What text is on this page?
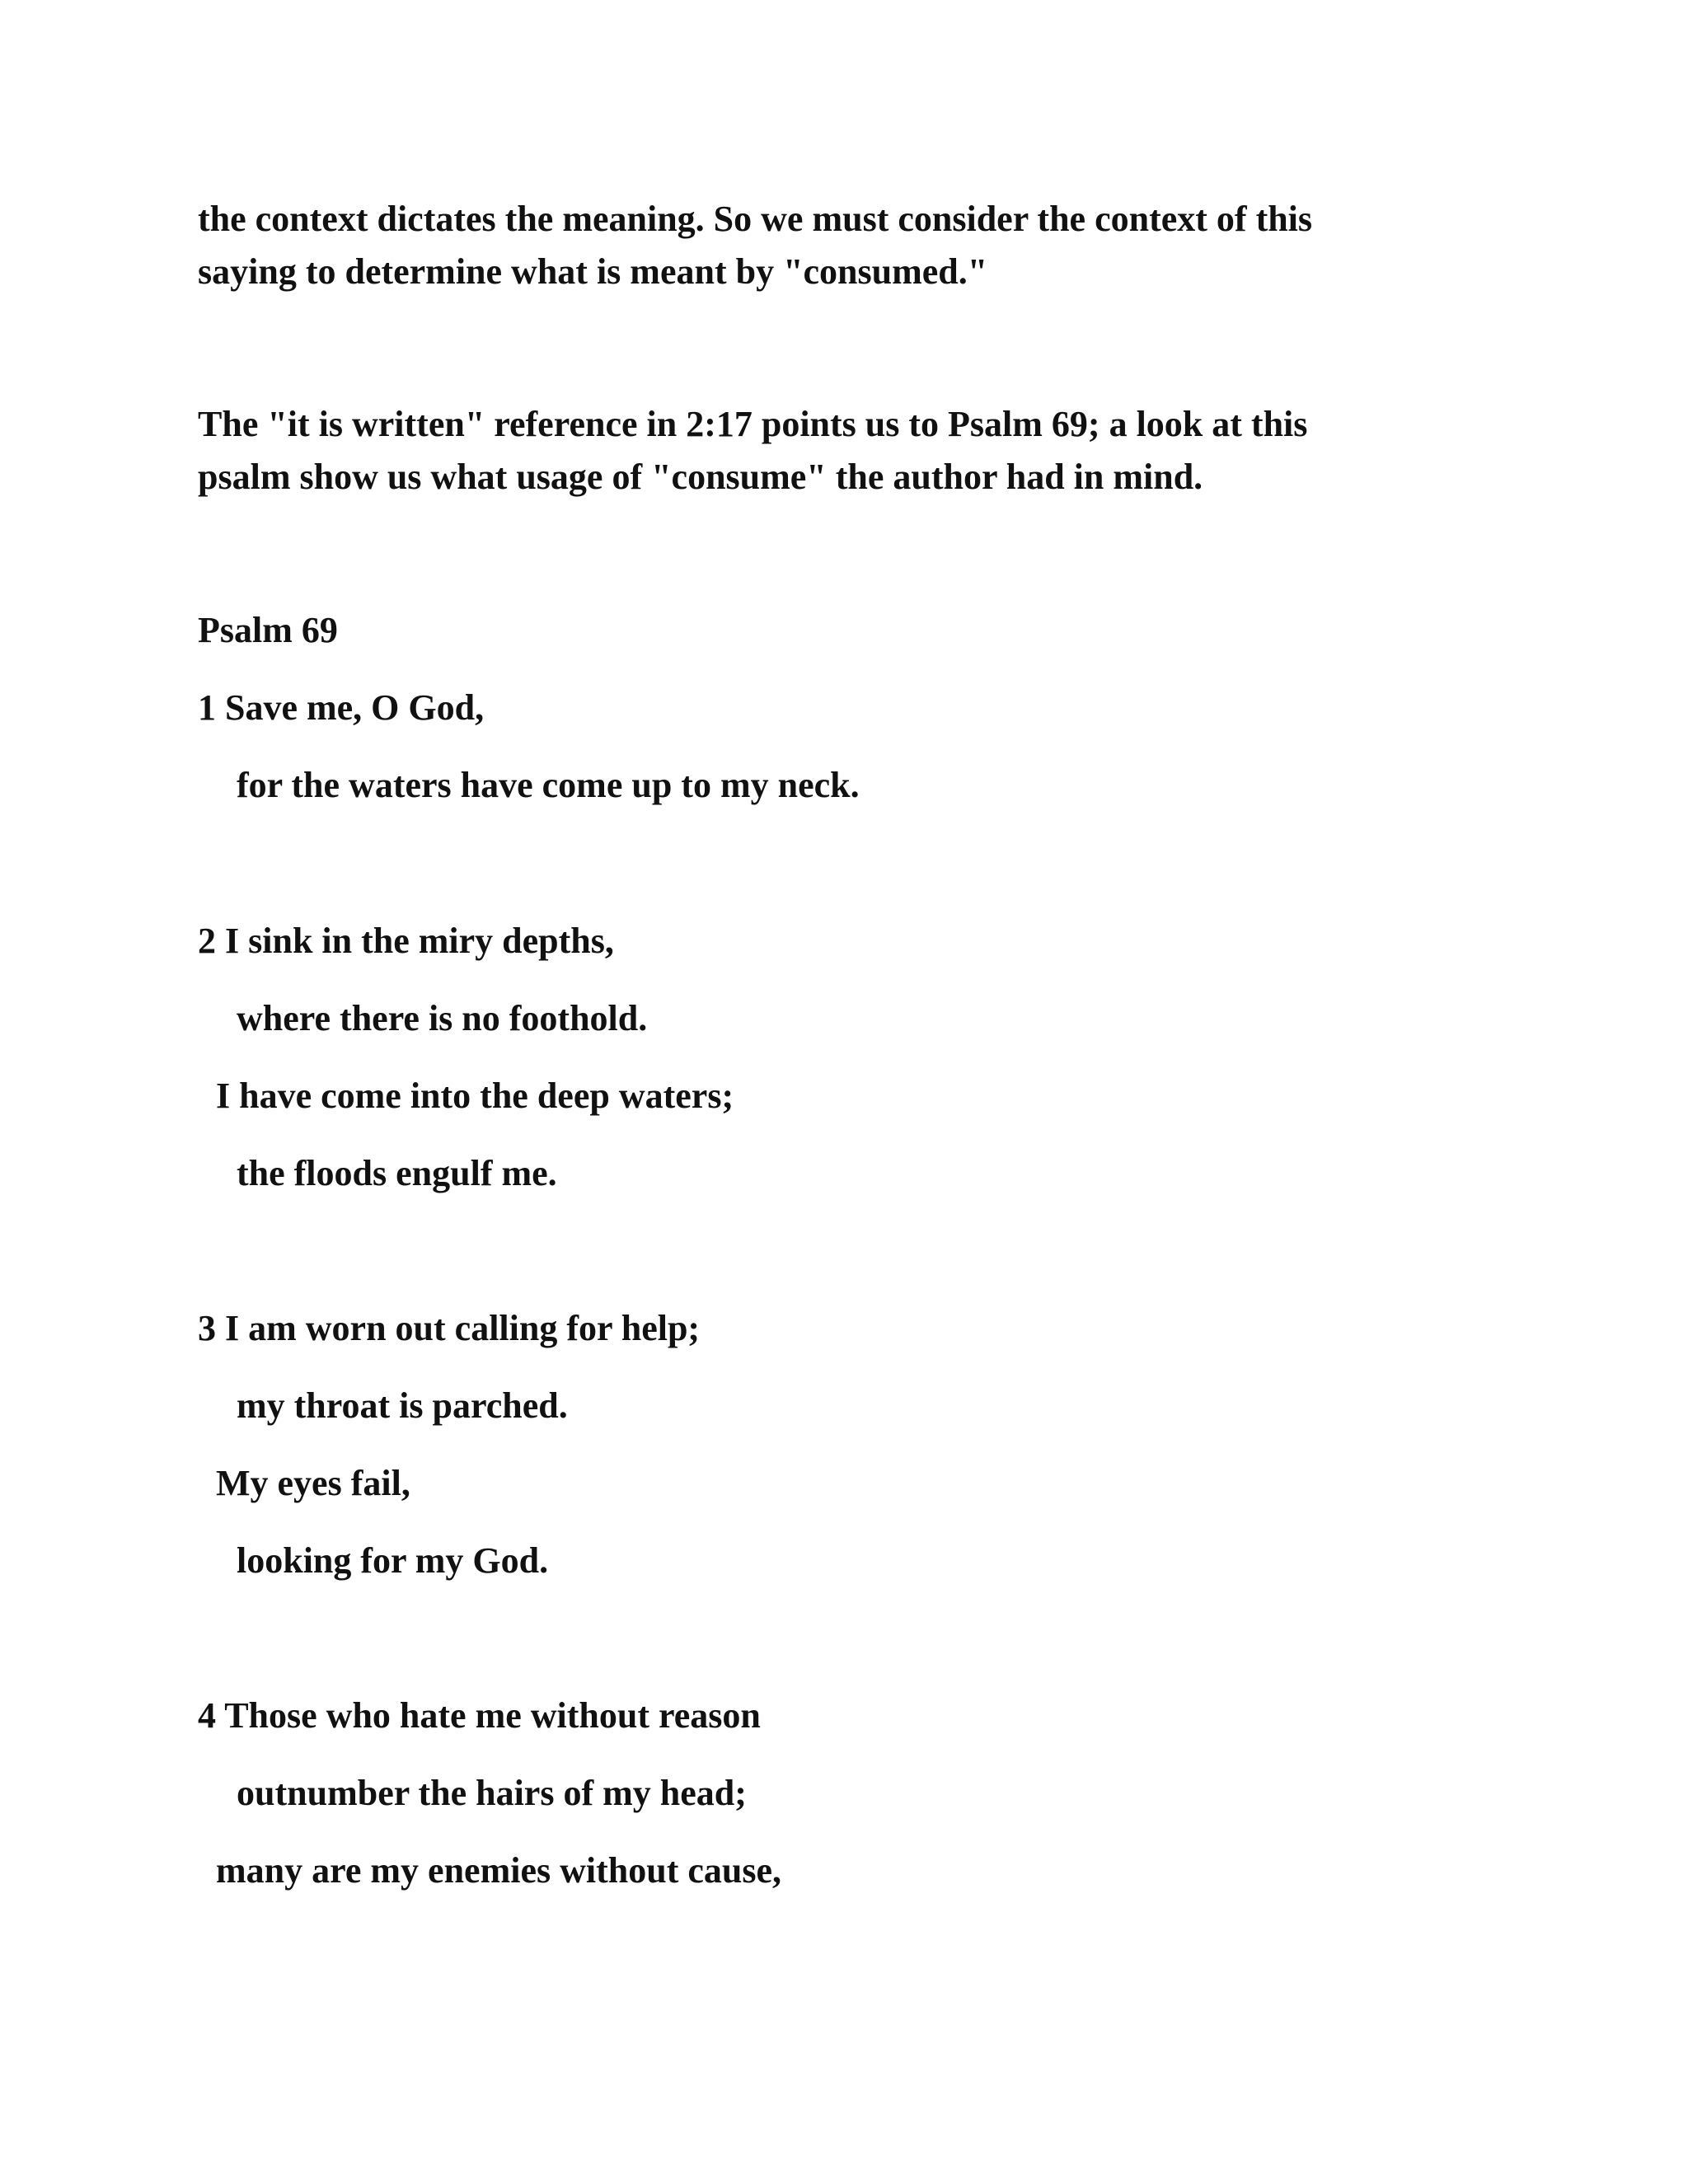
the context dictates the meaning. So we must consider the context of this
saying to determine what is meant by "consumed."
The "it is written" reference in 2:17 points us to Psalm 69; a look at this
psalm show us what usage of "consume" the author had in mind.
Psalm 69
1 Save me, O God,
for the waters have come up to my neck.
2 I sink in the miry depths,
where there is no foothold.
I have come into the deep waters;
the floods engulf me.
3 I am worn out calling for help;
my throat is parched.
My eyes fail,
looking for my God.
4 Those who hate me without reason
outnumber the hairs of my head;
many are my enemies without cause,
